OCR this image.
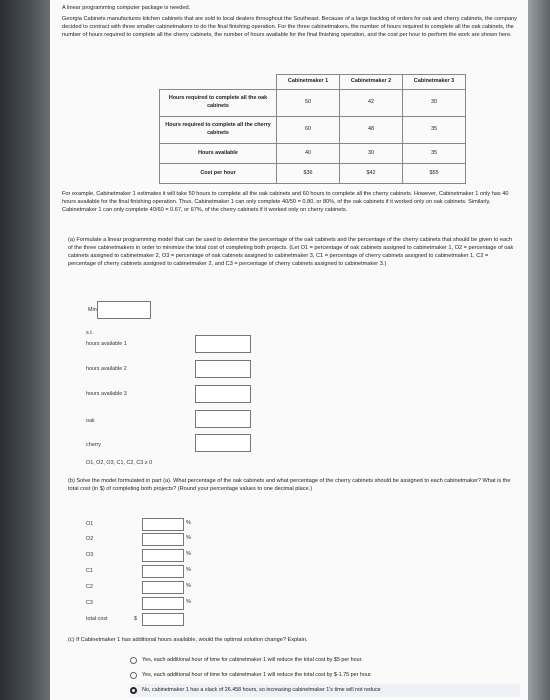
A linear programming computer package is needed.
Georgia Cabinets manufactures kitchen cabinets that are sold to local dealers throughout the Southeast. Because of a large backlog of orders for oak and cherry cabinets, the company decided to contract with three smaller cabinetmakers to do the final finishing operation. For the three cabinetmakers, the number of hours required to complete all the oak cabinets, the number of hours required to complete all the cherry cabinets, the number of hours available for the final finishing operation, and the cost per hour to perform the work are shown here.
	Cabinetmaker 1	Cabinetmaker 2	Cabinetmaker 3
Hours required to complete all the oak cabinets	50	42	30
Hours required to complete all the cherry cabinets	60	48	35
Hours available	40	30	35
Cost per hour	$36	$42	$55
For example, Cabinetmaker 1 estimates it will take 50 hours to complete all the oak cabinets and 60 hours to complete all the cherry cabinets. However, Cabinetmaker 1 only has 40 hours available for the final finishing operation. Thus, Cabinetmaker 1 can only complete 40/50 = 0.80, or 80%, of the oak cabinets if it worked only on oak cabinets. Similarly, Cabinetmaker 1 can only complete 40/60 = 0.67, or 67%, of the cherry cabinets if it worked only on cherry cabinets.
(a) Formulate a linear programming model that can be used to determine the percentage of the oak cabinets and the percentage of the cherry cabinets that should be given to each of the three cabinetmakers in order to minimize the total cost of completing both projects. (Let O1 = percentage of oak cabinets assigned to cabinetmaker 1, O2 = percentage of oak cabinets assigned to cabinetmaker 2, O3 = percentage of oak cabinets assigned to cabinetmaker 3, C1 = percentage of cherry cabinets assigned to cabinetmaker 1, C2 = percentage of cherry cabinets assigned to cabinetmaker 2, and C3 = percentage of cherry cabinets assigned to cabinetmaker 3.)
Min
s.t.
hours available 1
hours available 2
hours available 3
oak
cherry
O1, O2, O3, C1, C2, C3 ≥ 0
(b) Solve the model formulated in part (a). What percentage of the oak cabinets and what percentage of the cherry cabinets should be assigned to each cabinetmaker? What is the total cost (in $) of completing both projects? (Round your percentage values to one decimal place.)
O1	%
O2	%
O3	%
C1	%
C2	%
C3	%
total cost	$
(c) If Cabinetmaker 1 has additional hours available, would the optimal solution change? Explain.
Yes, each additional hour of time for cabinetmaker 1 will reduce the total cost by $5 per hour.
Yes, each additional hour of time for cabinetmaker 1 will reduce the total cost by $-1.75 per hour.
No, cabinetmaker 1 has a slack of 26.458 hours, so increasing cabinetmaker 1's time will not reduce
